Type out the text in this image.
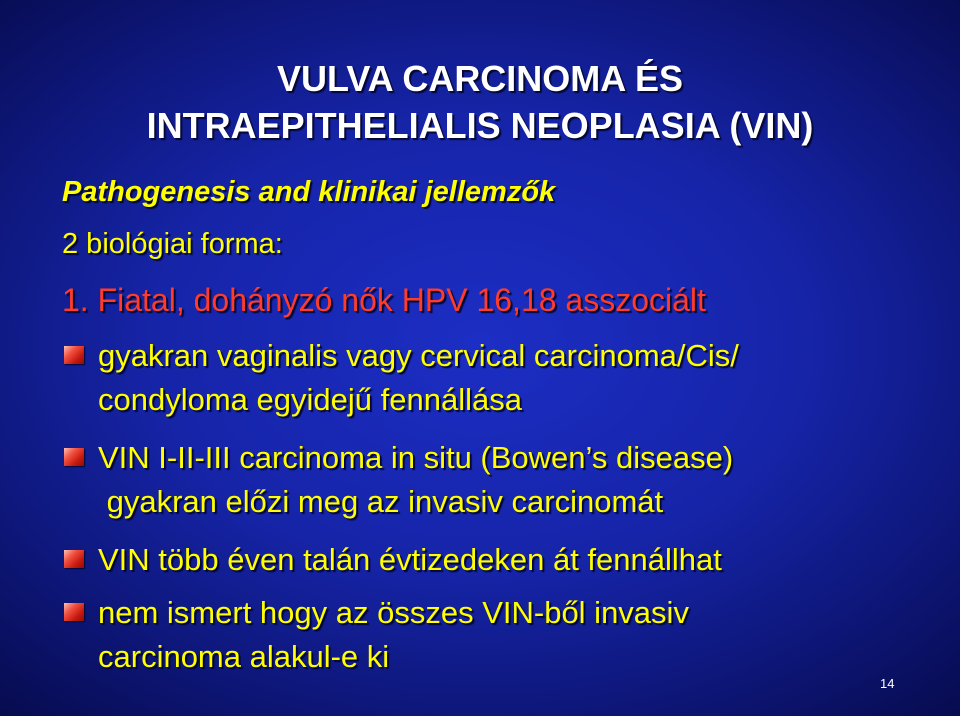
VULVA CARCINOMA ÉS
INTRAEPITHELIALIS NEOPLASIA (VIN)
Pathogenesis and klinikai jellemzők
2 biológiai forma:
1. Fiatal, dohányzó nők HPV 16,18 asszociált
gyakran vaginalis vagy cervical carcinoma/Cis/
condyloma egyidejű fennállása
VIN I-II-III carcinoma in situ (Bowen’s disease)
gyakran előzi meg az invasiv carcinomát
VIN több éven talán évtizedeken át fennállhat
nem ismert hogy az összes VIN-ből invasiv
carcinoma alakul-e ki
14
